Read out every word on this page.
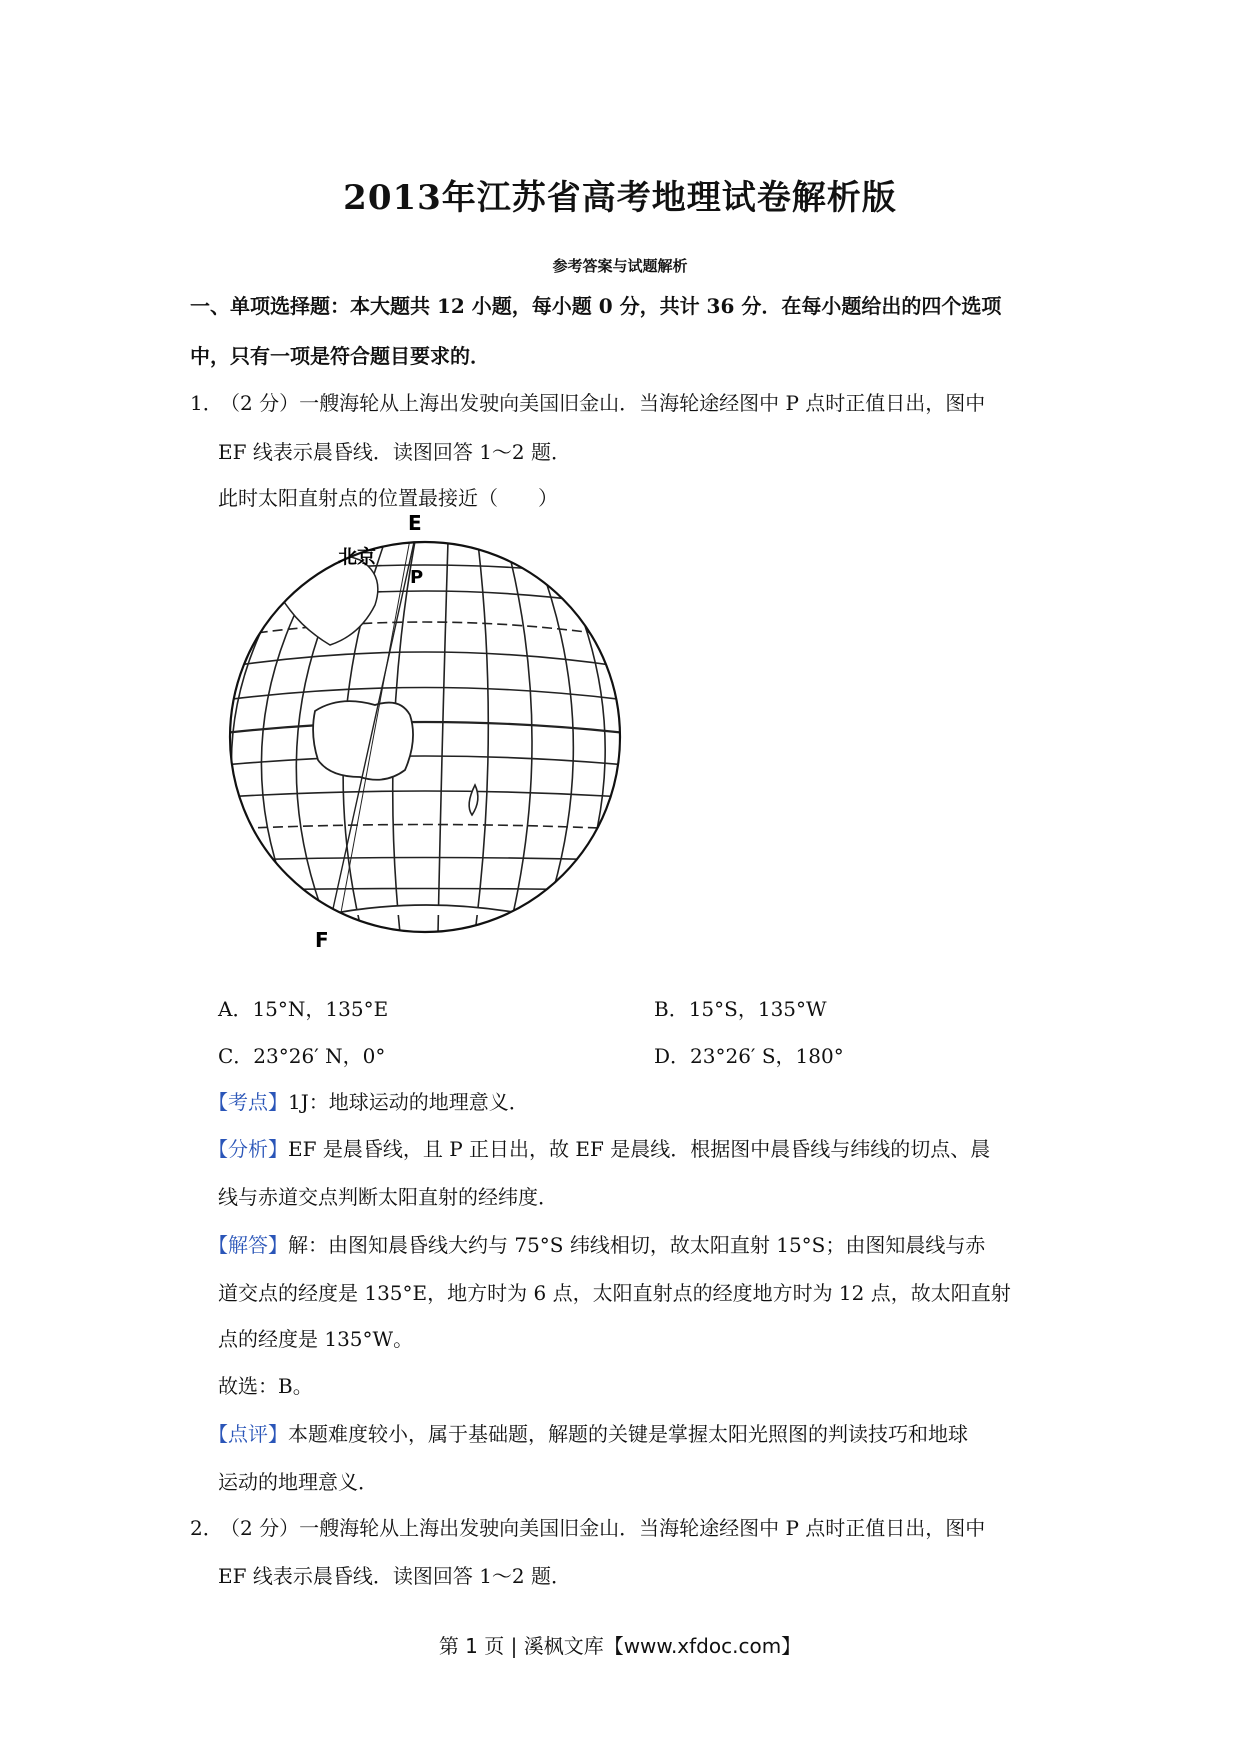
2013年江苏省高考地理试卷解析版
参考答案与试题解析
一、单项选择题：本大题共 12 小题，每小题 0 分，共计 36 分．在每小题给出的四个选项
中，只有一项是符合题目要求的．
1．
（2 分）一艘海轮从上海出发驶向美国旧金山．当海轮途经图中 P 点时正值日出，图中
EF 线表示晨昏线．读图回答 1～2 题．
此时太阳直射点的位置最接近（　　）
E
P
北京
F
A．15°N，135°E	B．15°S，135°W
C．23°26′ N，0°	D．23°26′ S，180°
【考点】1J：地球运动的地理意义．
【分析】EF 是晨昏线，且 P 正日出，故 EF 是晨线．根据图中晨昏线与纬线的切点、晨
线与赤道交点判断太阳直射的经纬度．
【解答】解：由图知晨昏线大约与 75°S 纬线相切，故太阳直射 15°S；由图知晨线与赤
道交点的经度是 135°E，地方时为 6 点，太阳直射点的经度地方时为 12 点，故太阳直射
点的经度是 135°W。
故选：B。
【点评】本题难度较小，属于基础题，解题的关键是掌握太阳光照图的判读技巧和地球
运动的地理意义．
2．
（2 分）一艘海轮从上海出发驶向美国旧金山．当海轮途经图中 P 点时正值日出，图中
EF 线表示晨昏线．读图回答 1～2 题．
第 1 页 | 溪枫文库【www.xfdoc.com】
